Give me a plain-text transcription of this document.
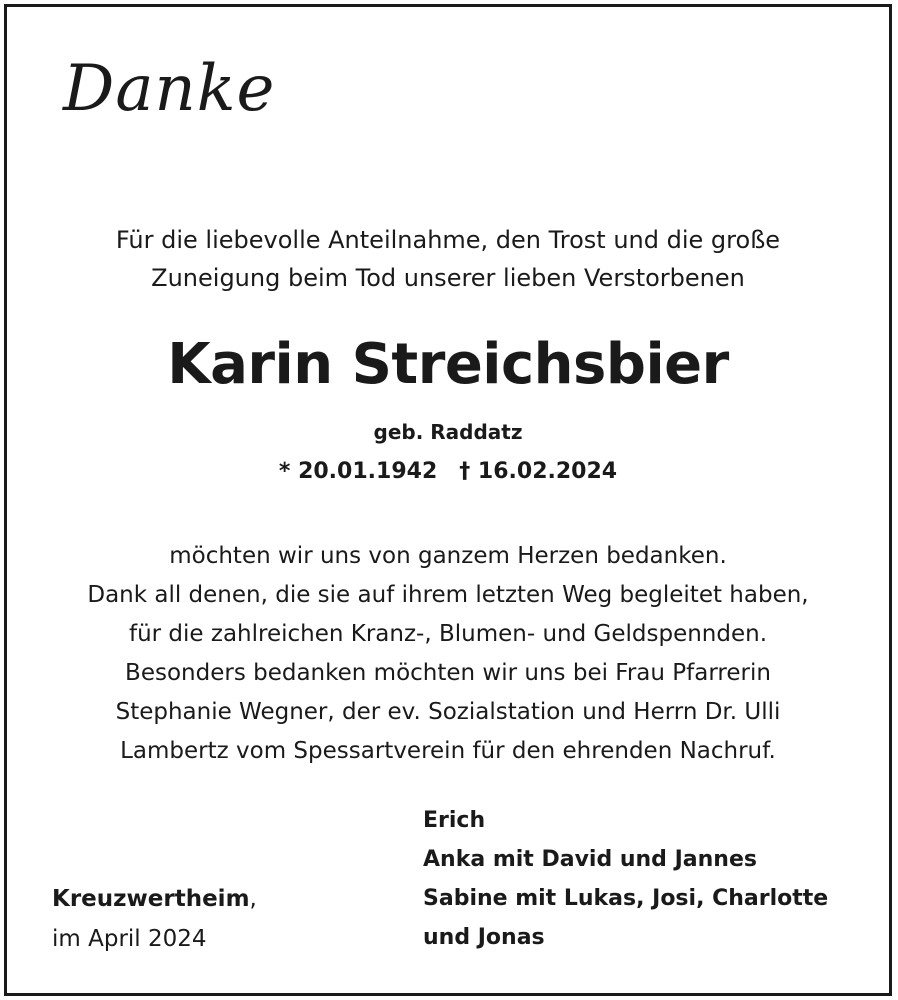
Danke
Für die liebevolle Anteilnahme, den Trost und die große
Zuneigung beim Tod unserer lieben Verstorbenen
Karin Streichsbier
geb. Raddatz
* 20.01.1942 † 16.02.2024
möchten wir uns von ganzem Herzen bedanken.
Dank all denen, die sie auf ihrem letzten Weg begleitet haben,
für die zahlreichen Kranz-, Blumen- und Geldspennden.
Besonders bedanken möchten wir uns bei Frau Pfarrerin
Stephanie Wegner, der ev. Sozialstation und Herrn Dr. Ulli
Lambertz vom Spessartverein für den ehrenden Nachruf.
Kreuzwertheim,
im April 2024
Erich
Anka mit David und Jannes
Sabine mit Lukas, Josi, Charlotte
und Jonas
